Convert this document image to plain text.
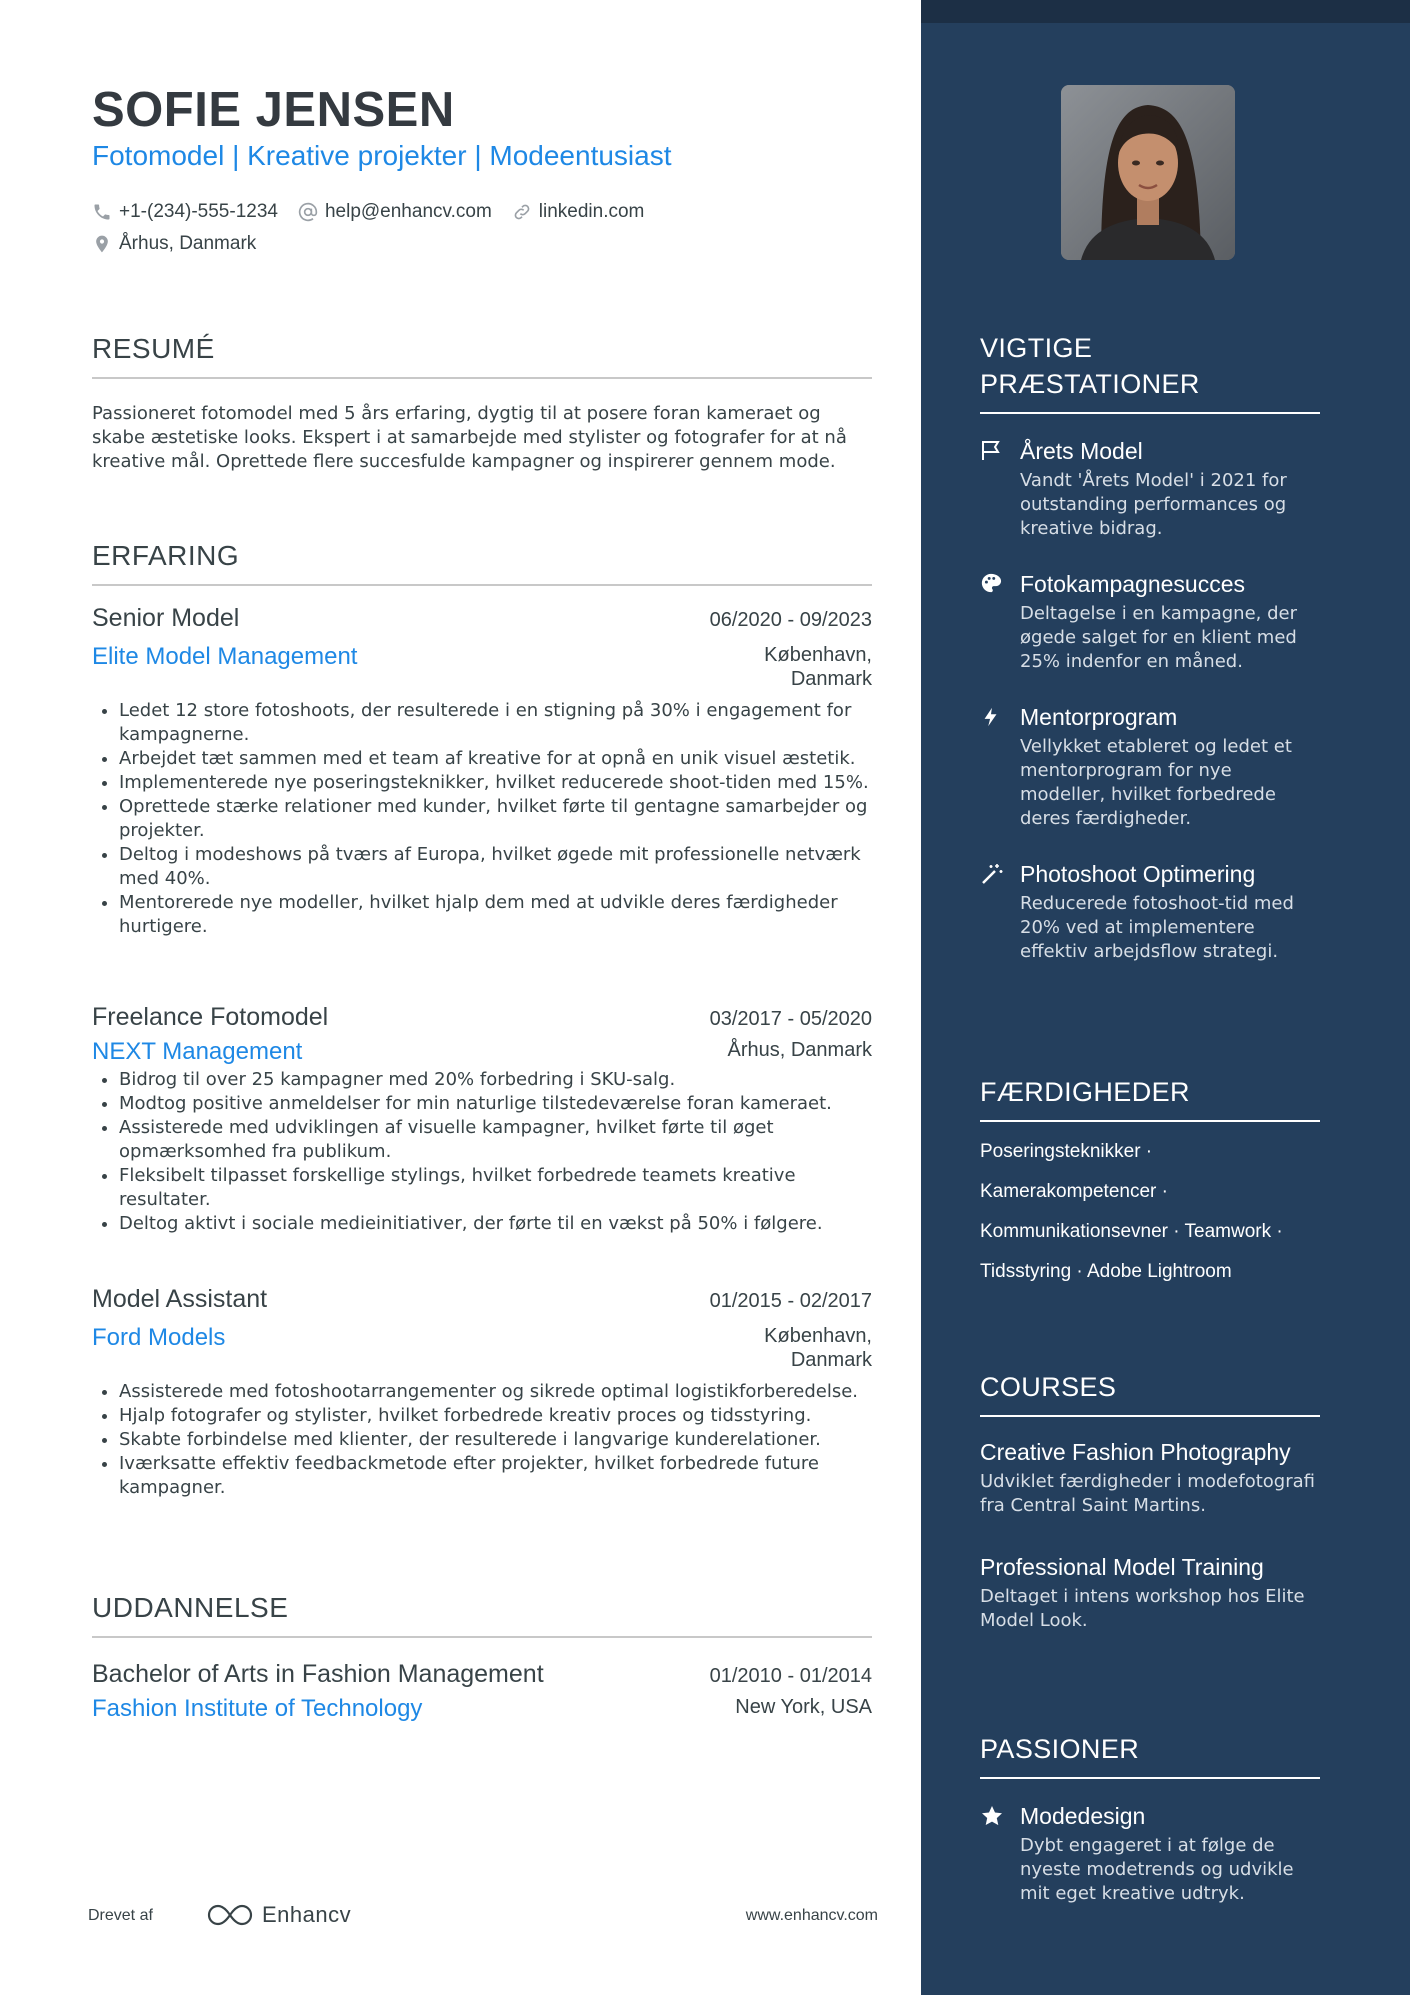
SOFIE JENSEN
Fotomodel | Kreative projekter | Modeentusiast
+1-(234)-555-1234 help@enhancv.com linkedin.com
Århus, Danmark
RESUMÉ

Passioneret fotomodel med 5 års erfaring, dygtig til at posere foran kameraet og skabe æstetiske looks. Ekspert i at samarbejde med stylister og fotografer for at nå kreative mål. Oprettede flere succesfulde kampagner og inspirerer gennem mode.

ERFARING
Senior Model	06/2020 - 09/2023
Elite Model Management	København, Danmark
• Ledet 12 store fotoshoots, der resulterede i en stigning på 30% i engagement for kampagnerne.
• Arbejdet tæt sammen med et team af kreative for at opnå en unik visuel æstetik.
• Implementerede nye poseringsteknikker, hvilket reducerede shoot-tiden med 15%.
• Oprettede stærke relationer med kunder, hvilket førte til gentagne samarbejder og projekter.
• Deltog i modeshows på tværs af Europa, hvilket øgede mit professionelle netværk med 40%.
• Mentorerede nye modeller, hvilket hjalp dem med at udvikle deres færdigheder hurtigere.
Freelance Fotomodel	03/2017 - 05/2020
NEXT Management	Århus, Danmark
• Bidrog til over 25 kampagner med 20% forbedring i SKU-salg.
• Modtog positive anmeldelser for min naturlige tilstedeværelse foran kameraet.
• Assisterede med udviklingen af visuelle kampagner, hvilket førte til øget opmærksomhed fra publikum.
• Fleksibelt tilpasset forskellige stylings, hvilket forbedrede teamets kreative resultater.
• Deltog aktivt i sociale medieinitiativer, der førte til en vækst på 50% i følgere.
Model Assistant	01/2015 - 02/2017
Ford Models	København, Danmark
• Assisterede med fotoshootarrangementer og sikrede optimal logistikforberedelse.
• Hjalp fotografer og stylister, hvilket forbedrede kreativ proces og tidsstyring.
• Skabte forbindelse med klienter, der resulterede i langvarige kunderelationer.
• Iværksatte effektiv feedbackmetode efter projekter, hvilket forbedrede future kampagner.
UDDANNELSE
Bachelor of Arts in Fashion Management	01/2010 - 01/2014
Fashion Institute of Technology	New York, USA
Drevet af	Enhancv	www.enhancv.com
VIGTIGE PRÆSTATIONER
Årets Model
Vandt 'Årets Model' i 2021 for outstanding performances og kreative bidrag.
Fotokampagnesucces
Deltagelse i en kampagne, der øgede salget for en klient med 25% indenfor en måned.
Mentorprogram
Vellykket etableret og ledet et mentorprogram for nye modeller, hvilket forbedrede deres færdigheder.
Photoshoot Optimering
Reducerede fotoshoot-tid med 20% ved at implementere effektiv arbejdsflow strategi.
FÆRDIGHEDER
Poseringsteknikker ·
Kamerakompetencer ·
Kommunikationsevner · Teamwork ·
Tidsstyring · Adobe Lightroom
COURSES
Creative Fashion Photography
Udviklet færdigheder i modefotografi fra Central Saint Martins.
Professional Model Training
Deltaget i intens workshop hos Elite Model Look.
PASSIONER
Modedesign
Dybt engageret i at følge de nyeste modetrends og udvikle mit eget kreative udtryk.
